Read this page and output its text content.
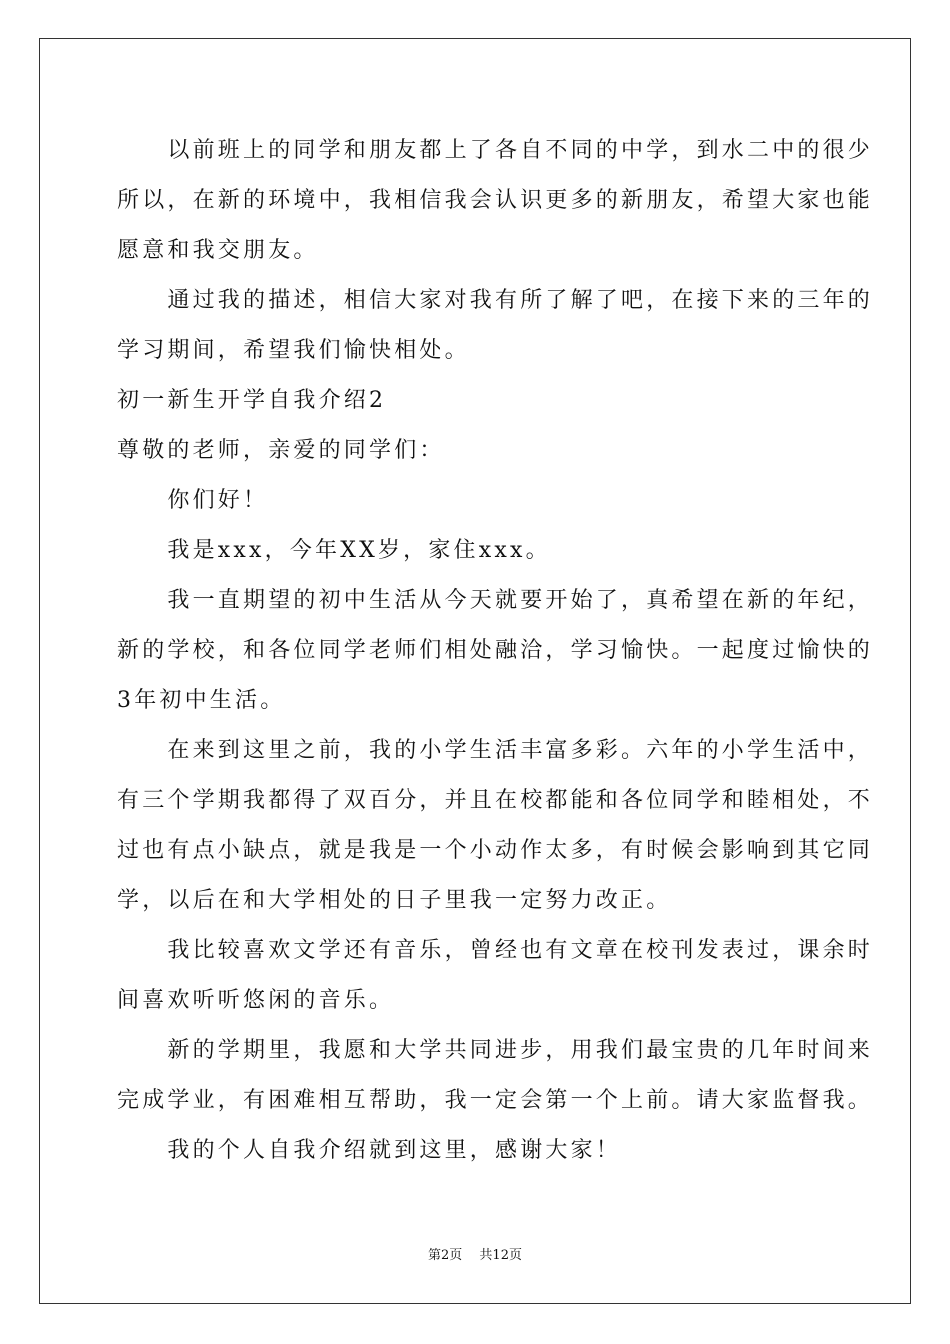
　　以前班上的同学和朋友都上了各自不同的中学，到水二中的很少
所以，在新的环境中，我相信我会认识更多的新朋友，希望大家也能
愿意和我交朋友。
　　通过我的描述，相信大家对我有所了解了吧，在接下来的三年的
学习期间，希望我们愉快相处。
初一新生开学自我介绍2
尊敬的老师，亲爱的同学们：
　　你们好！
　　我是xxx，今年XX岁，家住xxx。
　　我一直期望的初中生活从今天就要开始了，真希望在新的年纪，
新的学校，和各位同学老师们相处融洽，学习愉快。一起度过愉快的
3年初中生活。
　　在来到这里之前，我的小学生活丰富多彩。六年的小学生活中，
有三个学期我都得了双百分，并且在校都能和各位同学和睦相处，不
过也有点小缺点，就是我是一个小动作太多，有时候会影响到其它同
学，以后在和大学相处的日子里我一定努力改正。
　　我比较喜欢文学还有音乐，曾经也有文章在校刊发表过，课余时
间喜欢听听悠闲的音乐。
　　新的学期里，我愿和大学共同进步，用我们最宝贵的几年时间来
完成学业，有困难相互帮助，我一定会第一个上前。请大家监督我。
　　我的个人自我介绍就到这里，感谢大家！
第2页　 共12页
